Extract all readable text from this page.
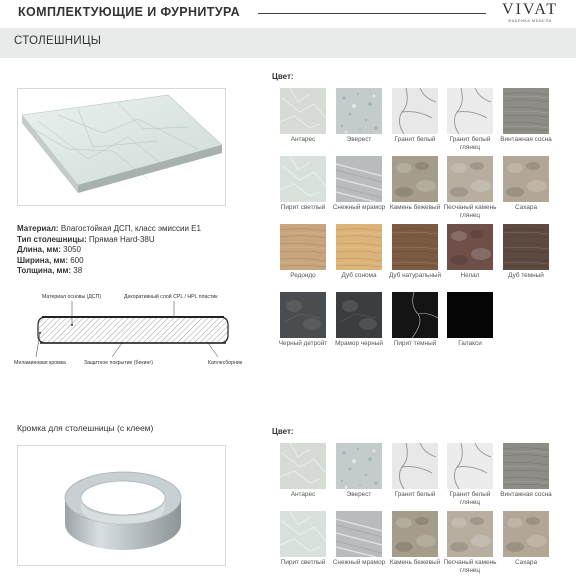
КОМПЛЕКТУЮЩИЕ И ФУРНИТУРА	VIVAT
ФАБРИКА МЕБЕЛИ
СТОЛЕШНИЦЫ
Материал: Влагостойкая ДСП, класс эмиссии E1
Тип столешницы: Прямая Hard-38U
Длина, мм: 3050
Ширина, мм: 600
Толщина, мм: 38
Материал основы (ДСП)	Декоративный слой CPL / HPL пластик
Меламиновая кромка	Защитное покрытие (бекинг)	Каплесборник
Кромка для столешницы (с клеем)
Цвет:
Цвет:
Антарес	Эверест	Гранит белый	Гранит белый глянец
Винтажная сосна
Пирит светлый	Снежный мрамор Камень бежевый Песчаный камень глянец
Сахара
Редондо	Дуб сонома	Дуб натуральный	Непал	Дуб темный
Черный детройт	Мрамор черный	Пирит темный	Галакси
Антарес	Эверест	Гранит белый	Гранит белый глянец
Винтажная сосна
Пирит светлый	Снежный мрамор Камень бежевый Песчаный камень глянец
Сахара
